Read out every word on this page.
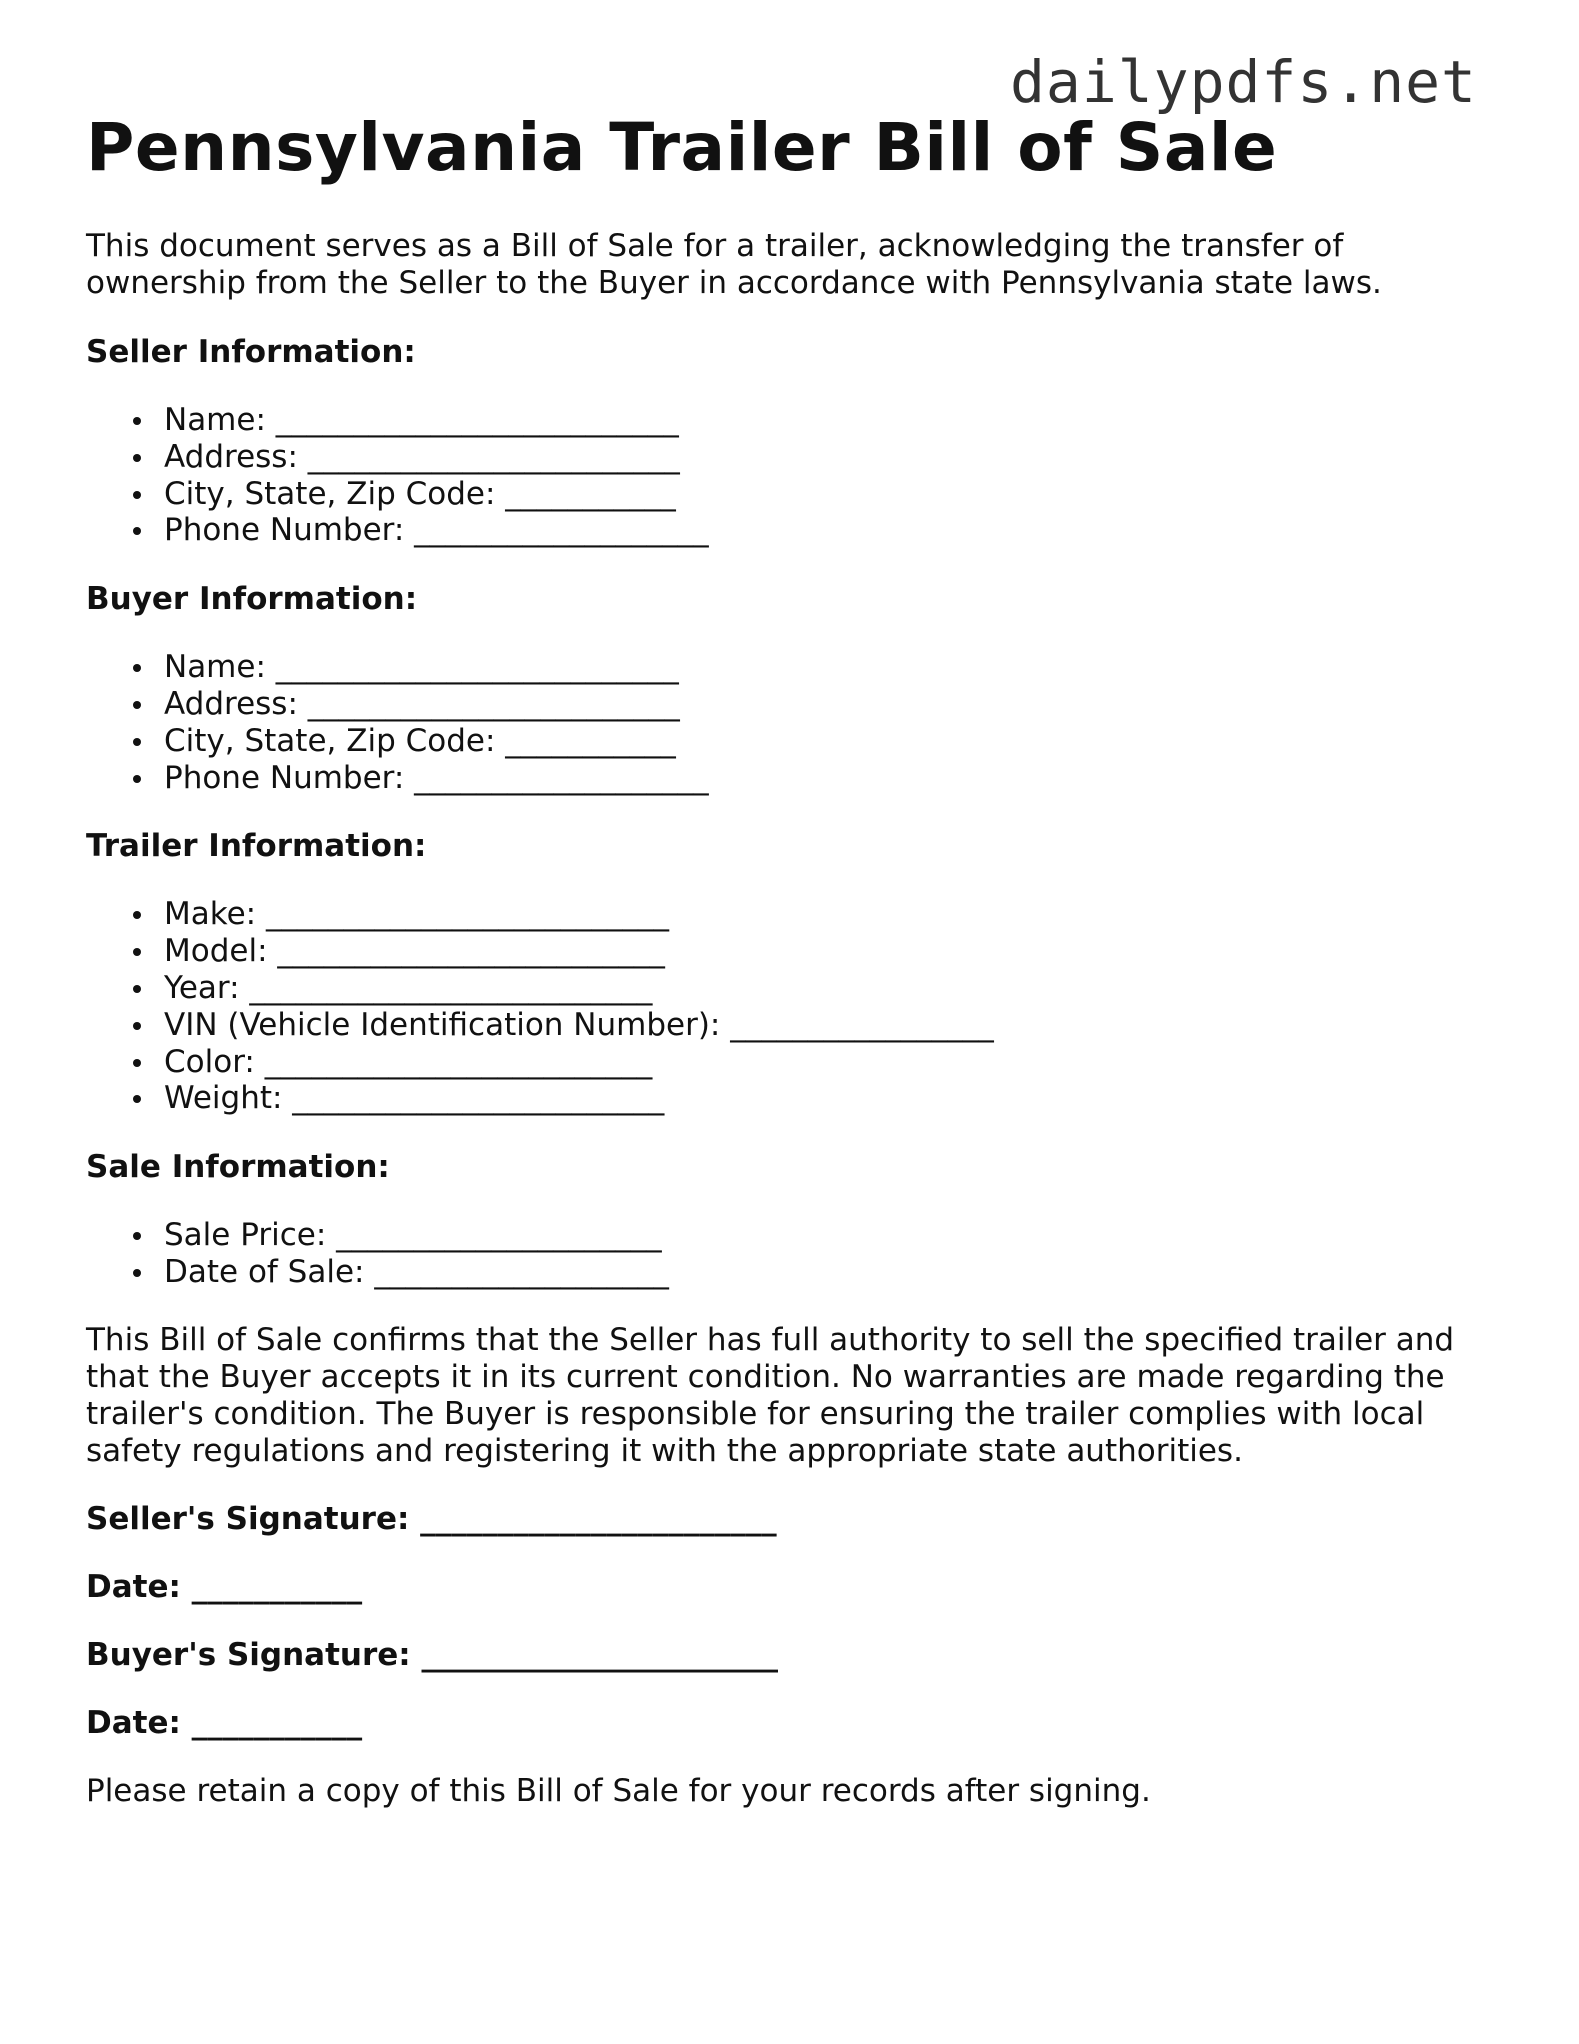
dailypdfs.net
Pennsylvania Trailer Bill of Sale

This document serves as a Bill of Sale for a trailer, acknowledging the transfer of ownership from the Seller to the Buyer in accordance with Pennsylvania state laws.

Seller Information:
Name: __________________________
Address: ________________________
City, State, Zip Code: ___________
Phone Number: ___________________
Buyer Information:
Name: __________________________
Address: ________________________
City, State, Zip Code: ___________
Phone Number: ___________________
Trailer Information:
Make: __________________________
Model: _________________________
Year: __________________________
VIN (Vehicle Identification Number): _________________
Color: _________________________
Weight: ________________________
Sale Information:
Sale Price: _____________________
Date of Sale: ___________________

This Bill of Sale confirms that the Seller has full authority to sell the specified trailer and that the Buyer accepts it in its current condition. No warranties are made regarding the trailer's condition. The Buyer is responsible for ensuring the trailer complies with local safety regulations and registering it with the appropriate state authorities.

Seller's Signature: _______________________
Date: ___________
Buyer's Signature: _______________________
Date: ___________

Please retain a copy of this Bill of Sale for your records after signing.
